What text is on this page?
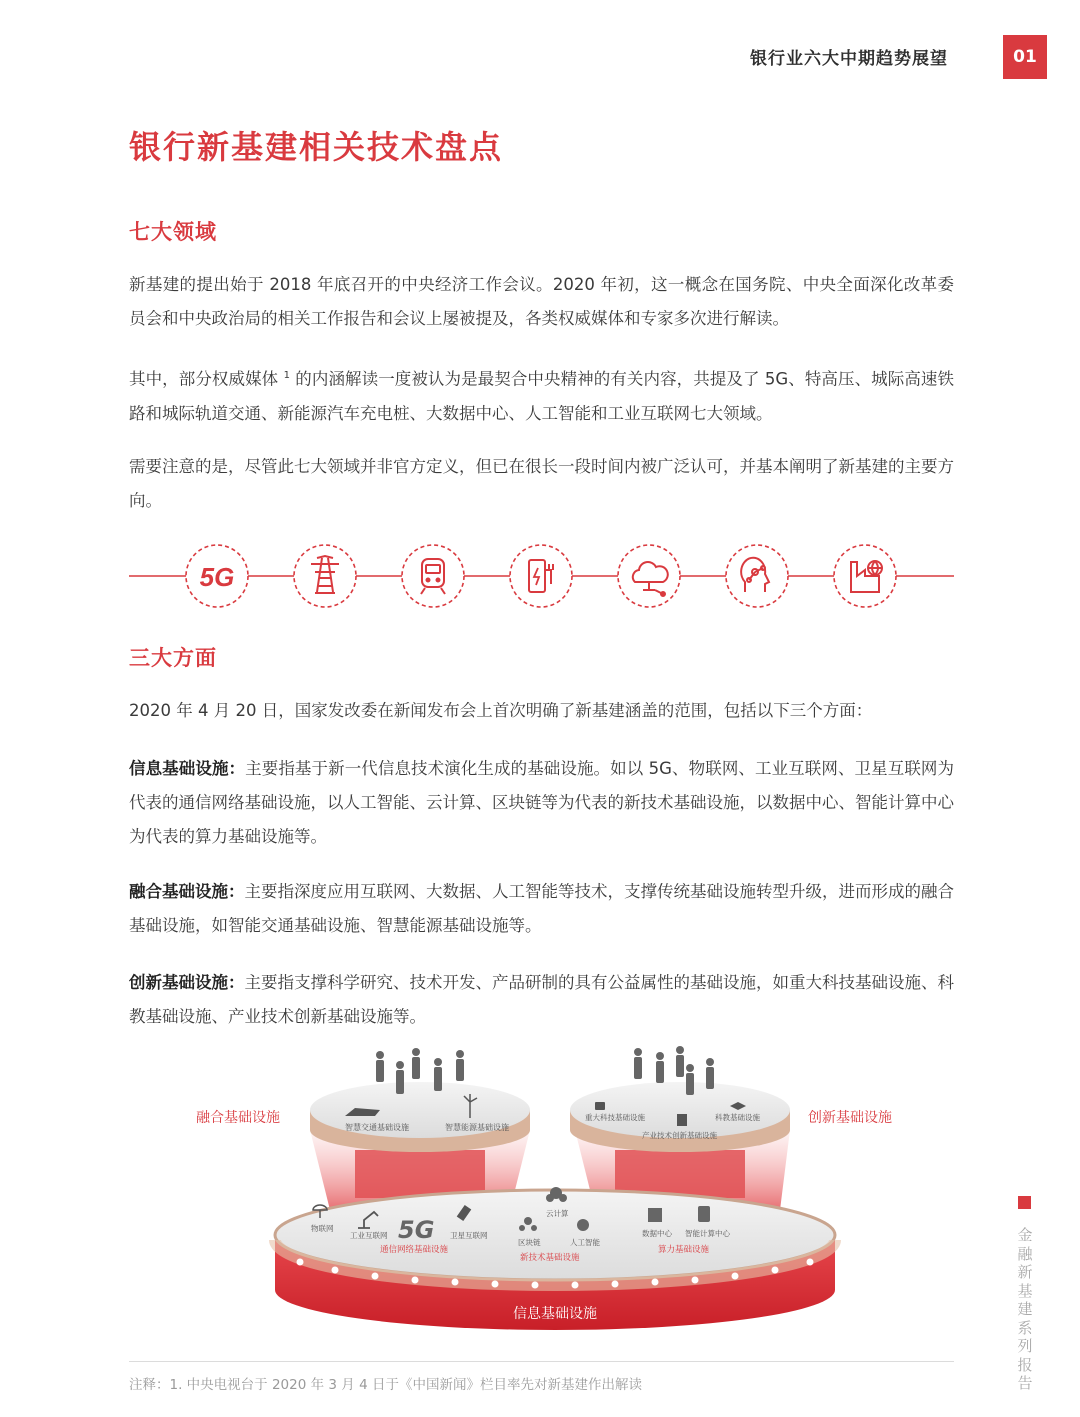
银行业六大中期趋势展望	01
银行新基建相关技术盘点
七大领域

新基建的提出始于 2018 年底召开的中央经济工作会议。2020 年初，这一概念在国务院、中央全面深化改革委员会和中央政治局的相关工作报告和会议上屡被提及，各类权威媒体和专家多次进行解读。

其中，部分权威媒体 $^1$ 的内涵解读一度被认为是最契合中央精神的有关内容，共提及了 5G、特高压、城际高速铁路和城际轨道交通、新能源汽车充电桩、大数据中心、人工智能和工业互联网七大领域。

需要注意的是，尽管此七大领域并非官方定义，但已在很长一段时间内被广泛认可，并基本阐明了新基建的主要方向。

5G
三大方面

2020 年 4 月 20 日，国家发改委在新闻发布会上首次明确了新基建涵盖的范围，包括以下三个方面：

信息基础设施：主要指基于新一代信息技术演化生成的基础设施。如以 5G、物联网、工业互联网、卫星互联网为代表的通信网络基础设施，以人工智能、云计算、区块链等为代表的新技术基础设施，以数据中心、智能计算中心为代表的算力基础设施等。

融合基础设施：主要指深度应用互联网、大数据、人工智能等技术，支撑传统基础设施转型升级，进而形成的融合基础设施，如智能交通基础设施、智慧能源基础设施等。

创新基础设施：主要指支撑科学研究、技术开发、产品研制的具有公益属性的基础设施，如重大科技基础设施、科教基础设施、产业技术创新基础设施等。

信息基础设施
智慧交通基础设施	智慧能源基础设施
重大科技基础设施	科教基础设施
产业技术创新基础设施
物联网
工业互联网 5G 卫星互联网
云计算
区块链	人工智能
数据中心 智能计算中心
通信网络基础设施
新技术基础设施
算力基础设施
融合基础设施	创新基础设施
注释：1. 中央电视台于 2020 年 3 月 4 日于《中国新闻》栏目率先对新基建作出解读
金融新基建系列报告
